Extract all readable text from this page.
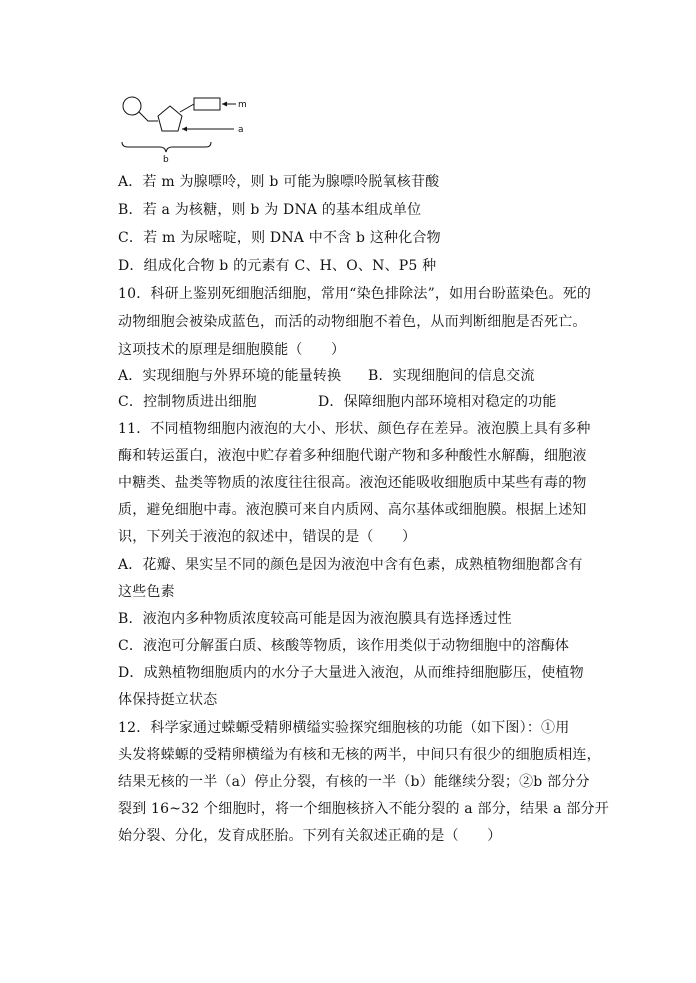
m
a
b
A．若 m 为腺嘌呤，则 b 可能为腺嘌呤脱氧核苷酸
B．若 a 为核糖，则 b 为 DNA 的基本组成单位
C．若 m 为尿嘧啶，则 DNA 中不含 b 这种化合物
D．组成化合物 b 的元素有 C、H、O、N、P5 种
10．科研上鉴别死细胞活细胞，常用“染色排除法”，如用台盼蓝染色。死的
动物细胞会被染成蓝色，而活的动物细胞不着色，从而判断细胞是否死亡。
这项技术的原理是细胞膜能（　　）
A．实现细胞与外界环境的能量转换 B．实现细胞间的信息交流
C．控制物质进出细胞	D．保障细胞内部环境相对稳定的功能
11．不同植物细胞内液泡的大小、形状、颜色存在差异。液泡膜上具有多种
酶和转运蛋白，液泡中贮存着多种细胞代谢产物和多种酸性水解酶，细胞液
中糖类、盐类等物质的浓度往往很高。液泡还能吸收细胞质中某些有毒的物
质，避免细胞中毒。液泡膜可来自内质网、高尔基体或细胞膜。根据上述知
识，下列关于液泡的叙述中，错误的是（　　）
A．花瓣、果实呈不同的颜色是因为液泡中含有色素，成熟植物细胞都含有
这些色素
B．液泡内多种物质浓度较高可能是因为液泡膜具有选择透过性
C．液泡可分解蛋白质、核酸等物质，该作用类似于动物细胞中的溶酶体
D．成熟植物细胞质内的水分子大量进入液泡，从而维持细胞膨压，使植物
体保持挺立状态
12．科学家通过蝾螈受精卵横缢实验探究细胞核的功能（如下图）：①用
头发将蝾螈的受精卵横缢为有核和无核的两半，中间只有很少的细胞质相连，
结果无核的一半（a）停止分裂，有核的一半（b）能继续分裂；②b 部分分
裂到 16~32 个细胞时，将一个细胞核挤入不能分裂的 a 部分，结果 a 部分开
始分裂、分化，发育成胚胎。下列有关叙述正确的是（　　）
